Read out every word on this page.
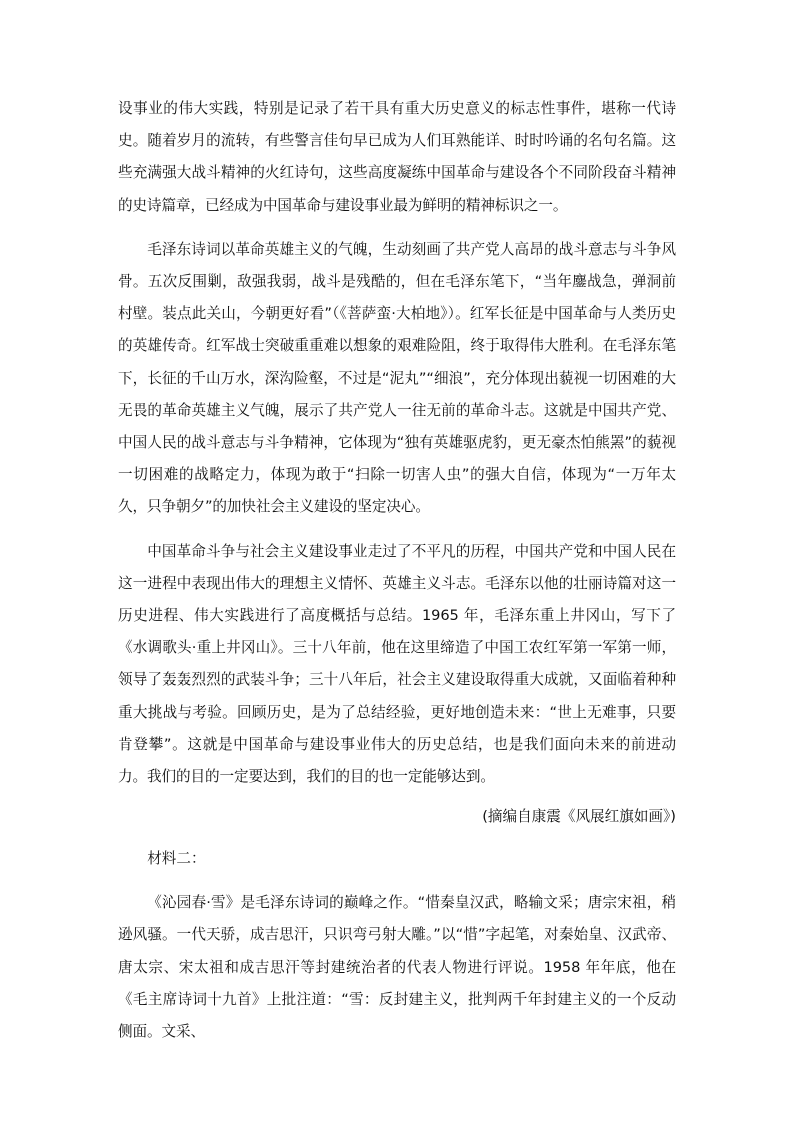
设事业的伟大实践，特别是记录了若干具有重大历史意义的标志性事件，堪称一代诗史。随着岁月的流转，有些警言佳句早已成为人们耳熟能详、时时吟诵的名句名篇。这些充满强大战斗精神的火红诗句，这些高度凝练中国革命与建设各个不同阶段奋斗精神的史诗篇章，已经成为中国革命与建设事业最为鲜明的精神标识之一。

毛泽东诗词以革命英雄主义的气魄，生动刻画了共产党人高昂的战斗意志与斗争风骨。五次反围剿，敌强我弱，战斗是残酷的，但在毛泽东笔下，“当年鏖战急，弹洞前村壁。装点此关山，今朝更好看”（《菩萨蛮·大柏地》）。红军长征是中国革命与人类历史的英雄传奇。红军战士突破重重难以想象的艰难险阻，终于取得伟大胜利。在毛泽东笔下，长征的千山万水，深沟险壑，不过是“泥丸”“细浪”，充分体现出藐视一切困难的大无畏的革命英雄主义气魄，展示了共产党人一往无前的革命斗志。这就是中国共产党、中国人民的战斗意志与斗争精神，它体现为“独有英雄驱虎豹，更无豪杰怕熊罴”的藐视一切困难的战略定力，体现为敢于“扫除一切害人虫”的强大自信，体现为“一万年太久，只争朝夕”的加快社会主义建设的坚定决心。

中国革命斗争与社会主义建设事业走过了不平凡的历程，中国共产党和中国人民在这一进程中表现出伟大的理想主义情怀、英雄主义斗志。毛泽东以他的壮丽诗篇对这一历史进程、伟大实践进行了高度概括与总结。1965 年，毛泽东重上井冈山，写下了《水调歌头·重上井冈山》。三十八年前，他在这里缔造了中国工农红军第一军第一师，领导了轰轰烈烈的武装斗争；三十八年后，社会主义建设取得重大成就，又面临着种种重大挑战与考验。回顾历史，是为了总结经验，更好地创造未来：“世上无难事，只要肯登攀”。这就是中国革命与建设事业伟大的历史总结，也是我们面向未来的前进动力。我们的目的一定要达到，我们的目的也一定能够达到。

(摘编自康震《风展红旗如画》)

材料二：

《沁园春·雪》是毛泽东诗词的巅峰之作。“惜秦皇汉武，略输文采；唐宗宋祖，稍逊风骚。一代天骄，成吉思汗，只识弯弓射大雕。”以“惜”字起笔，对秦始皇、汉武帝、唐太宗、宋太祖和成吉思汗等封建统治者的代表人物进行评说。1958 年年底，他在《毛主席诗词十九首》上批注道：“雪：反封建主义，批判两千年封建主义的一个反动侧面。文采、
